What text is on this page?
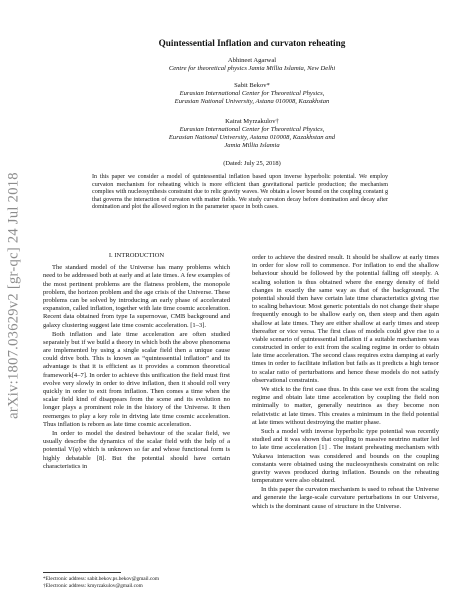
arXiv:1807.03629v2 [gr-qc] 24 Jul 2018
Quintessential Inflation and curvaton reheating
Abhineet Agarwal
Centre for theoretical physics Jamia Millia Islamia, New Delhi
Sabit Bekov*
Eurasian International Center for Theoretical Physics,
Eurasian National University, Astana 010008, Kazakhstan
Kairat Myrzakulov†
Eurasian International Center for Theoretical Physics,
Eurasian National University, Astana 010008, Kazakhstan and
Jamia Millia Islamia
(Dated: July 25, 2018)
In this paper we consider a model of quintessential inflation based upon inverse hyperbolic potential. We employ curvaton mechanism for reheating which is more efficient than gravitational particle production; the mechanism complies with nucleosynthesis constraint due to relic gravity waves. We obtain a lower bound on the coupling constant g that governs the interaction of curvaton with matter fields. We study curvaton decay before domination and decay after domination and plot the allowed region in the parameter space in both cases.
I. INTRODUCTION

The standard model of the Universe has many problems which need to be addressed both at early and at late times. A few examples of the most pertinent problems are the flatness problem, the monopole problem, the horizon problem and the age crisis of the Universe. These problems can be solved by introducing an early phase of accelerated expansion, called inflation, together with late time cosmic acceleration. Recent data obtained from type Ia supernovae, CMB background and galaxy clustering suggest late time cosmic acceleration. [1–3].

Both inflation and late time acceleration are often studied separately but if we build a theory in which both the above phenomena are implemented by using a single scalar field then a unique cause could drive both. This is known as “quintessential inflation” and its advantage is that it is efficient as it provides a common theoretical framework[4–7]. In order to achieve this unification the field must first evolve very slowly in order to drive inflation, then it should roll very quickly in order to exit from inflation. Then comes a time when the scalar field kind of disappears from the scene and its evolution no longer plays a prominent role in the history of the Universe. It then reemerges to play a key role in driving late time cosmic acceleration. Thus inflation is reborn as late time cosmic acceleration.

In order to model the desired behaviour of the scalar field, we usually describe the dynamics of the scalar field with the help of a potential V(φ) which is unknown so far and whose functional form is highly debatable [8]. But the potential should have certain characteristics in

order to achieve the desired result. It should be shallow at early times in order for slow roll to commence. For inflation to end the shallow behaviour should be followed by the potential falling off steeply. A scaling solution is thus obtained where the energy density of field changes in exactly the same way as that of the background. The potential should then have certain late time characteristics giving rise to scaling behaviour. Most generic potentials do not change their shape frequently enough to be shallow early on, then steep and then again shallow at late times. They are either shallow at early times and steep thereafter or vice versa. The first class of models could give rise to a viable scenario of quintessential inflation if a suitable mechanism was constructed in order to exit from the scaling regime in order to obtain late time acceleration. The second class requires extra damping at early times in order to facilitate inflation but fails as it predicts a high tensor to scalar ratio of perturbations and hence these models do not satisfy observational constraints.

We stick to the first case thus. In this case we exit from the scaling regime and obtain late time acceleration by coupling the field non minimally to matter, generally neutrinos as they become non relativistic at late times. This creates a minimum in the field potential at late times without destroying the matter phase.

Such a model with inverse hyperbolic type potential was recently studied and it was shown that coupling to massive neutrino matter led to late time acceleration [1] . The instant preheating mechanism with Yukawa interaction was considered and bounds on the coupling constants were obtained using the nucleosynthesis constraint on relic gravity waves produced during inflation. Bounds on the reheating temperature were also obtained.

In this paper the curvaton mechanism is used to reheat the Universe and generate the large-scale curvature perturbations in our Universe, which is the dominant cause of structure in the Universe.

*Electronic address: sabit.bekov.ps.bekov@gmail.com
†Electronic address: kmyrzakulov@gmail.com
